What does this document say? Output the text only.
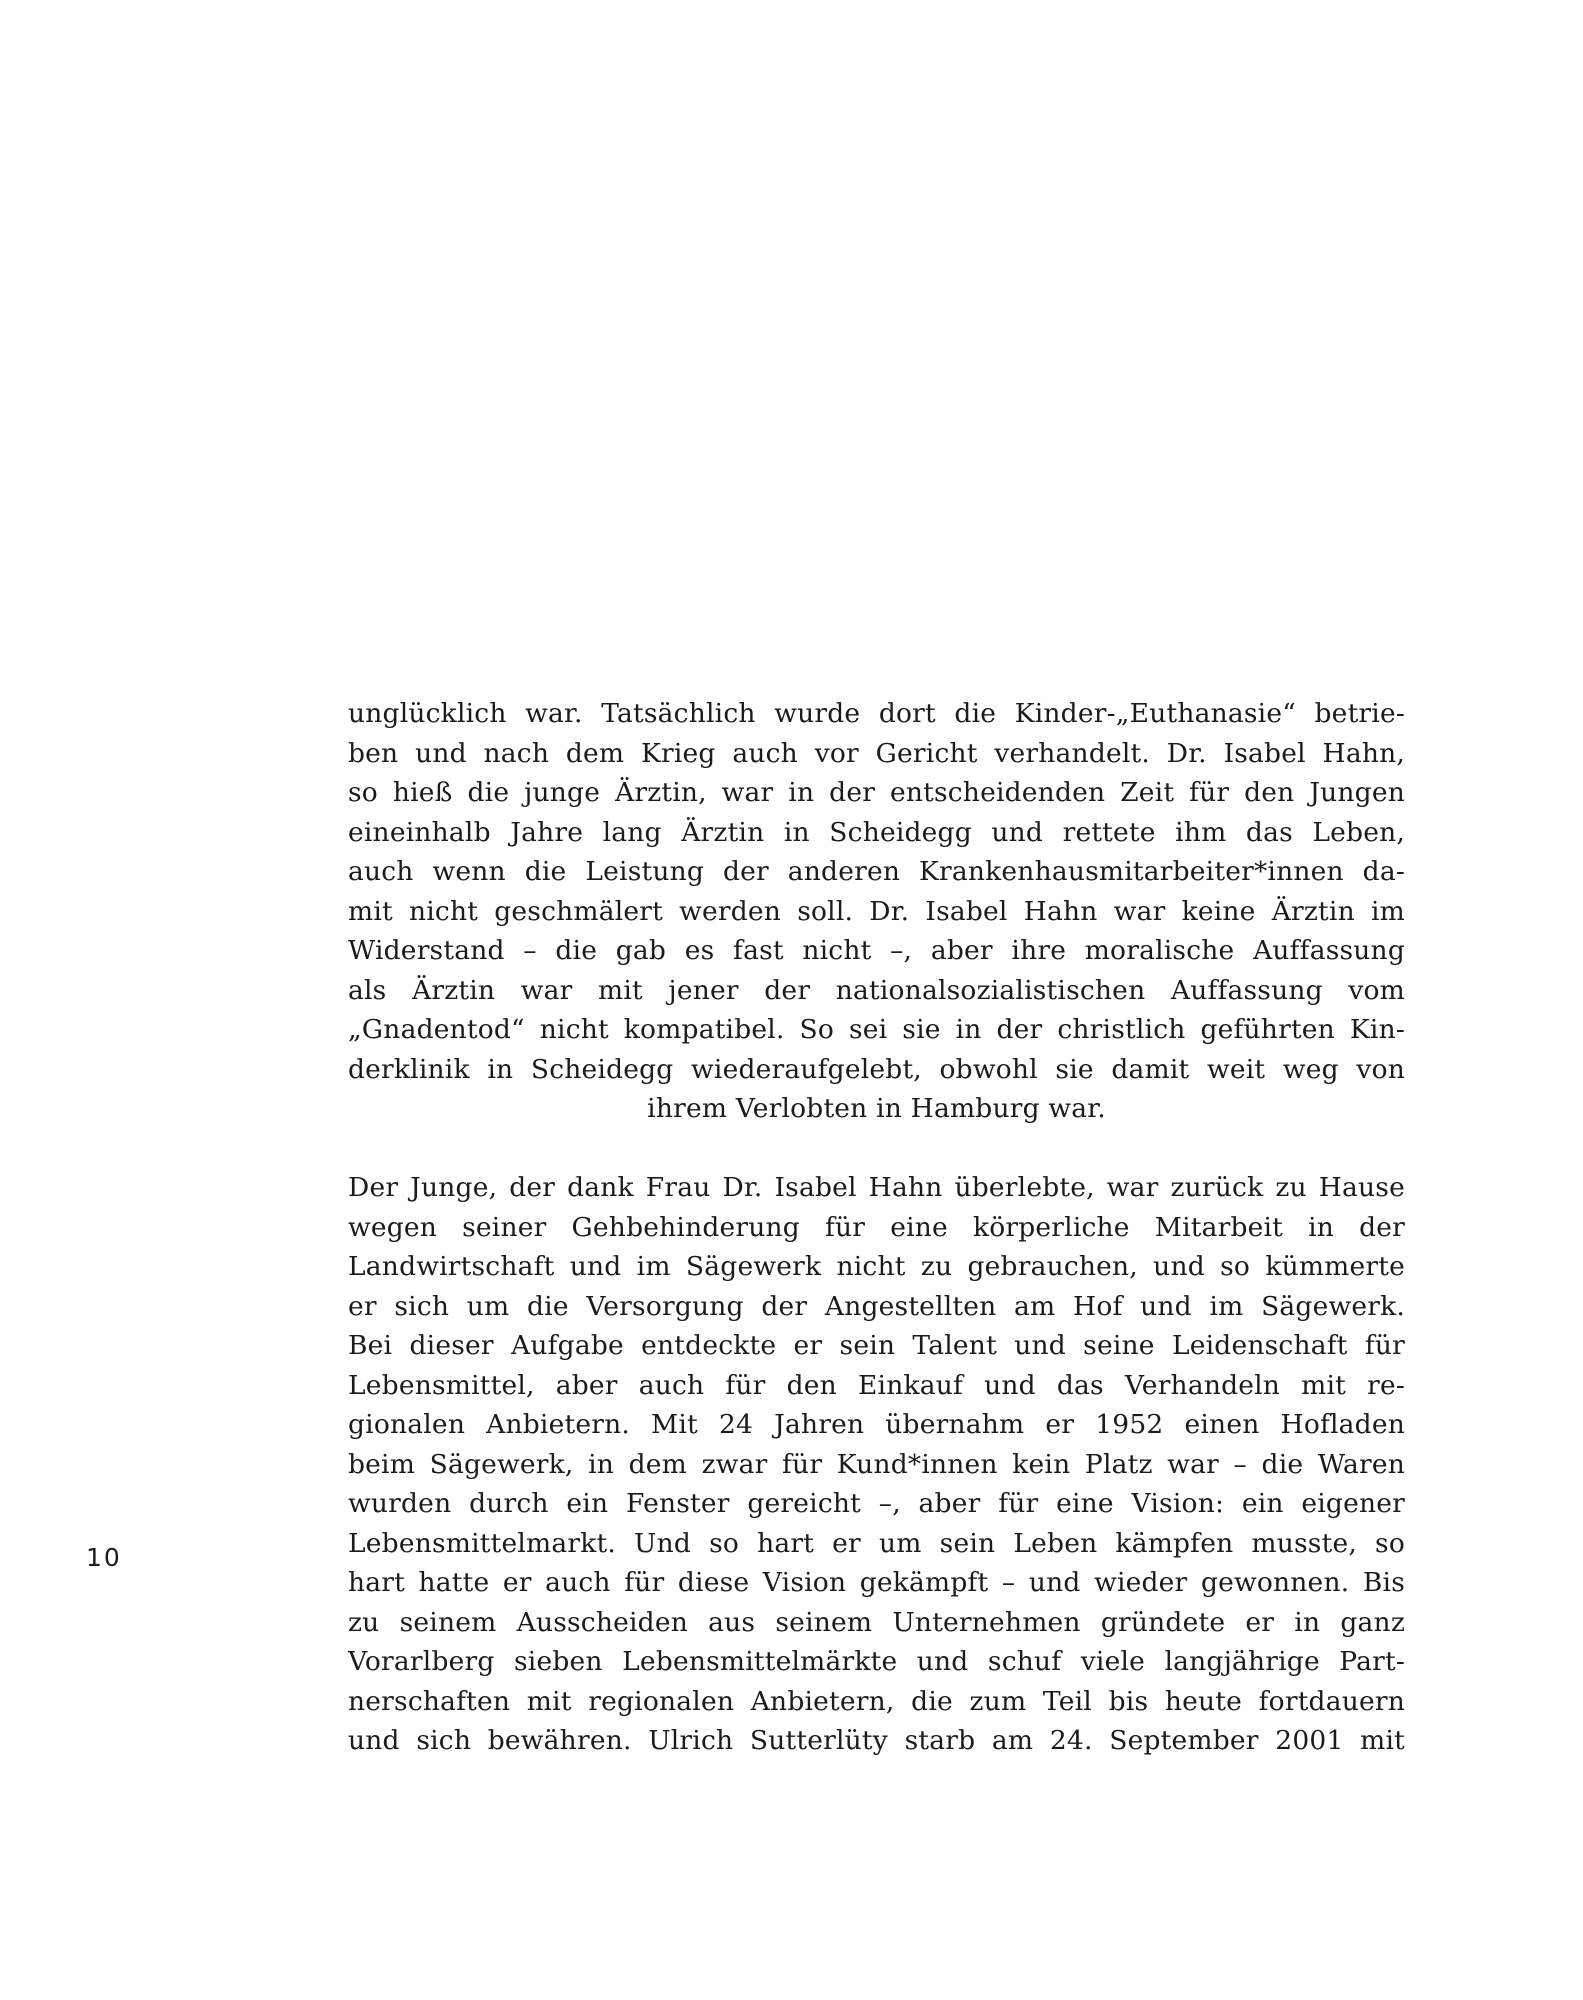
unglücklich war. Tatsächlich wurde dort die Kinder-„Euthanasie“ betrie-
ben und nach dem Krieg auch vor Gericht verhandelt. Dr. Isabel Hahn,
so hieß die junge Ärztin, war in der entscheidenden Zeit für den Jungen
eineinhalb Jahre lang Ärztin in Scheidegg und rettete ihm das Leben,
auch wenn die Leistung der anderen Krankenhausmitarbeiter*innen da-
mit nicht geschmälert werden soll. Dr. Isabel Hahn war keine Ärztin im
Widerstand – die gab es fast nicht –, aber ihre moralische Auffassung
als Ärztin war mit jener der nationalsozialistischen Auffassung vom
„Gnadentod“ nicht kompatibel. So sei sie in der christlich geführten Kin-
derklinik in Scheidegg wiederaufgelebt, obwohl sie damit weit weg von
ihrem Verlobten in Hamburg war.
Der Junge, der dank Frau Dr. Isabel Hahn überlebte, war zurück zu Hause
wegen seiner Gehbehinderung für eine körperliche Mitarbeit in der
Landwirtschaft und im Sägewerk nicht zu gebrauchen, und so kümmerte
er sich um die Versorgung der Angestellten am Hof und im Sägewerk.
Bei dieser Aufgabe entdeckte er sein Talent und seine Leidenschaft für
Lebensmittel, aber auch für den Einkauf und das Verhandeln mit re-
gionalen Anbietern. Mit 24 Jahren übernahm er 1952 einen Hofladen
beim Sägewerk, in dem zwar für Kund*innen kein Platz war – die Waren
wurden durch ein Fenster gereicht –, aber für eine Vision: ein eigener
Lebensmittelmarkt. Und so hart er um sein Leben kämpfen musste, so
hart hatte er auch für diese Vision gekämpft – und wieder gewonnen. Bis
zu seinem Ausscheiden aus seinem Unternehmen gründete er in ganz
Vorarlberg sieben Lebensmittelmärkte und schuf viele langjährige Part-
nerschaften mit regionalen Anbietern, die zum Teil bis heute fortdauern
und sich bewähren. Ulrich Sutterlüty starb am 24. September 2001 mit
10
